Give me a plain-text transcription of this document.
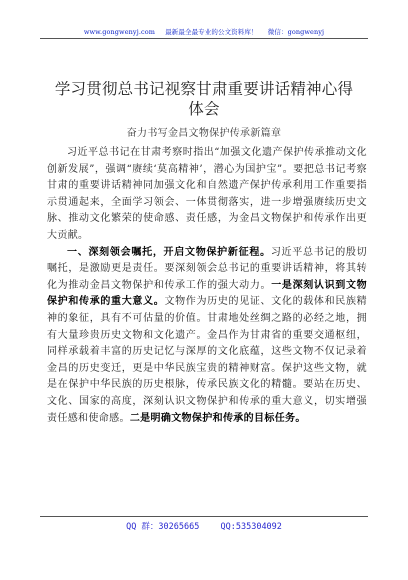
www.gongwenyj.com 最新最全最专业的公文资料库！ 微信：gongwenyj
学习贯彻总书记视察甘肃重要讲话精神心得体会
奋力书写金昌文物保护传承新篇章

习近平总书记在甘肃考察时指出“加强文化遗产保护传承推动文化创新发展”，强调“赓续‘莫高精神’，潜心为国护宝”。要把总书记考察甘肃的重要讲话精神同加强文化和自然遗产保护传承利用工作重要指示贯通起来，全面学习领会、一体贯彻落实，进一步增强赓续历史文脉、推动文化繁荣的使命感、责任感，为金昌文物保护和传承作出更大贡献。

一、深刻领会嘱托，开启文物保护新征程。习近平总书记的殷切嘱托，是激励更是责任。要深刻领会总书记的重要讲话精神，将其转化为推动金昌文物保护和传承工作的强大动力。一是深刻认识到文物保护和传承的重大意义。文物作为历史的见证、文化的载体和民族精神的象征，具有不可估量的价值。甘肃地处丝绸之路的必经之地，拥有大量珍贵历史文物和文化遗产。金昌作为甘肃省的重要交通枢纽，同样承载着丰富的历史记忆与深厚的文化底蕴，这些文物不仅记录着金昌的历史变迁，更是中华民族宝贵的精神财富。保护这些文物，就是在保护中华民族的历史根脉，传承民族文化的精髓。要站在历史、文化、国家的高度，深刻认识文物保护和传承的重大意义，切实增强责任感和使命感。二是明确文物保护和传承的目标任务。

QQ 群：30265665 QQ:535304092
